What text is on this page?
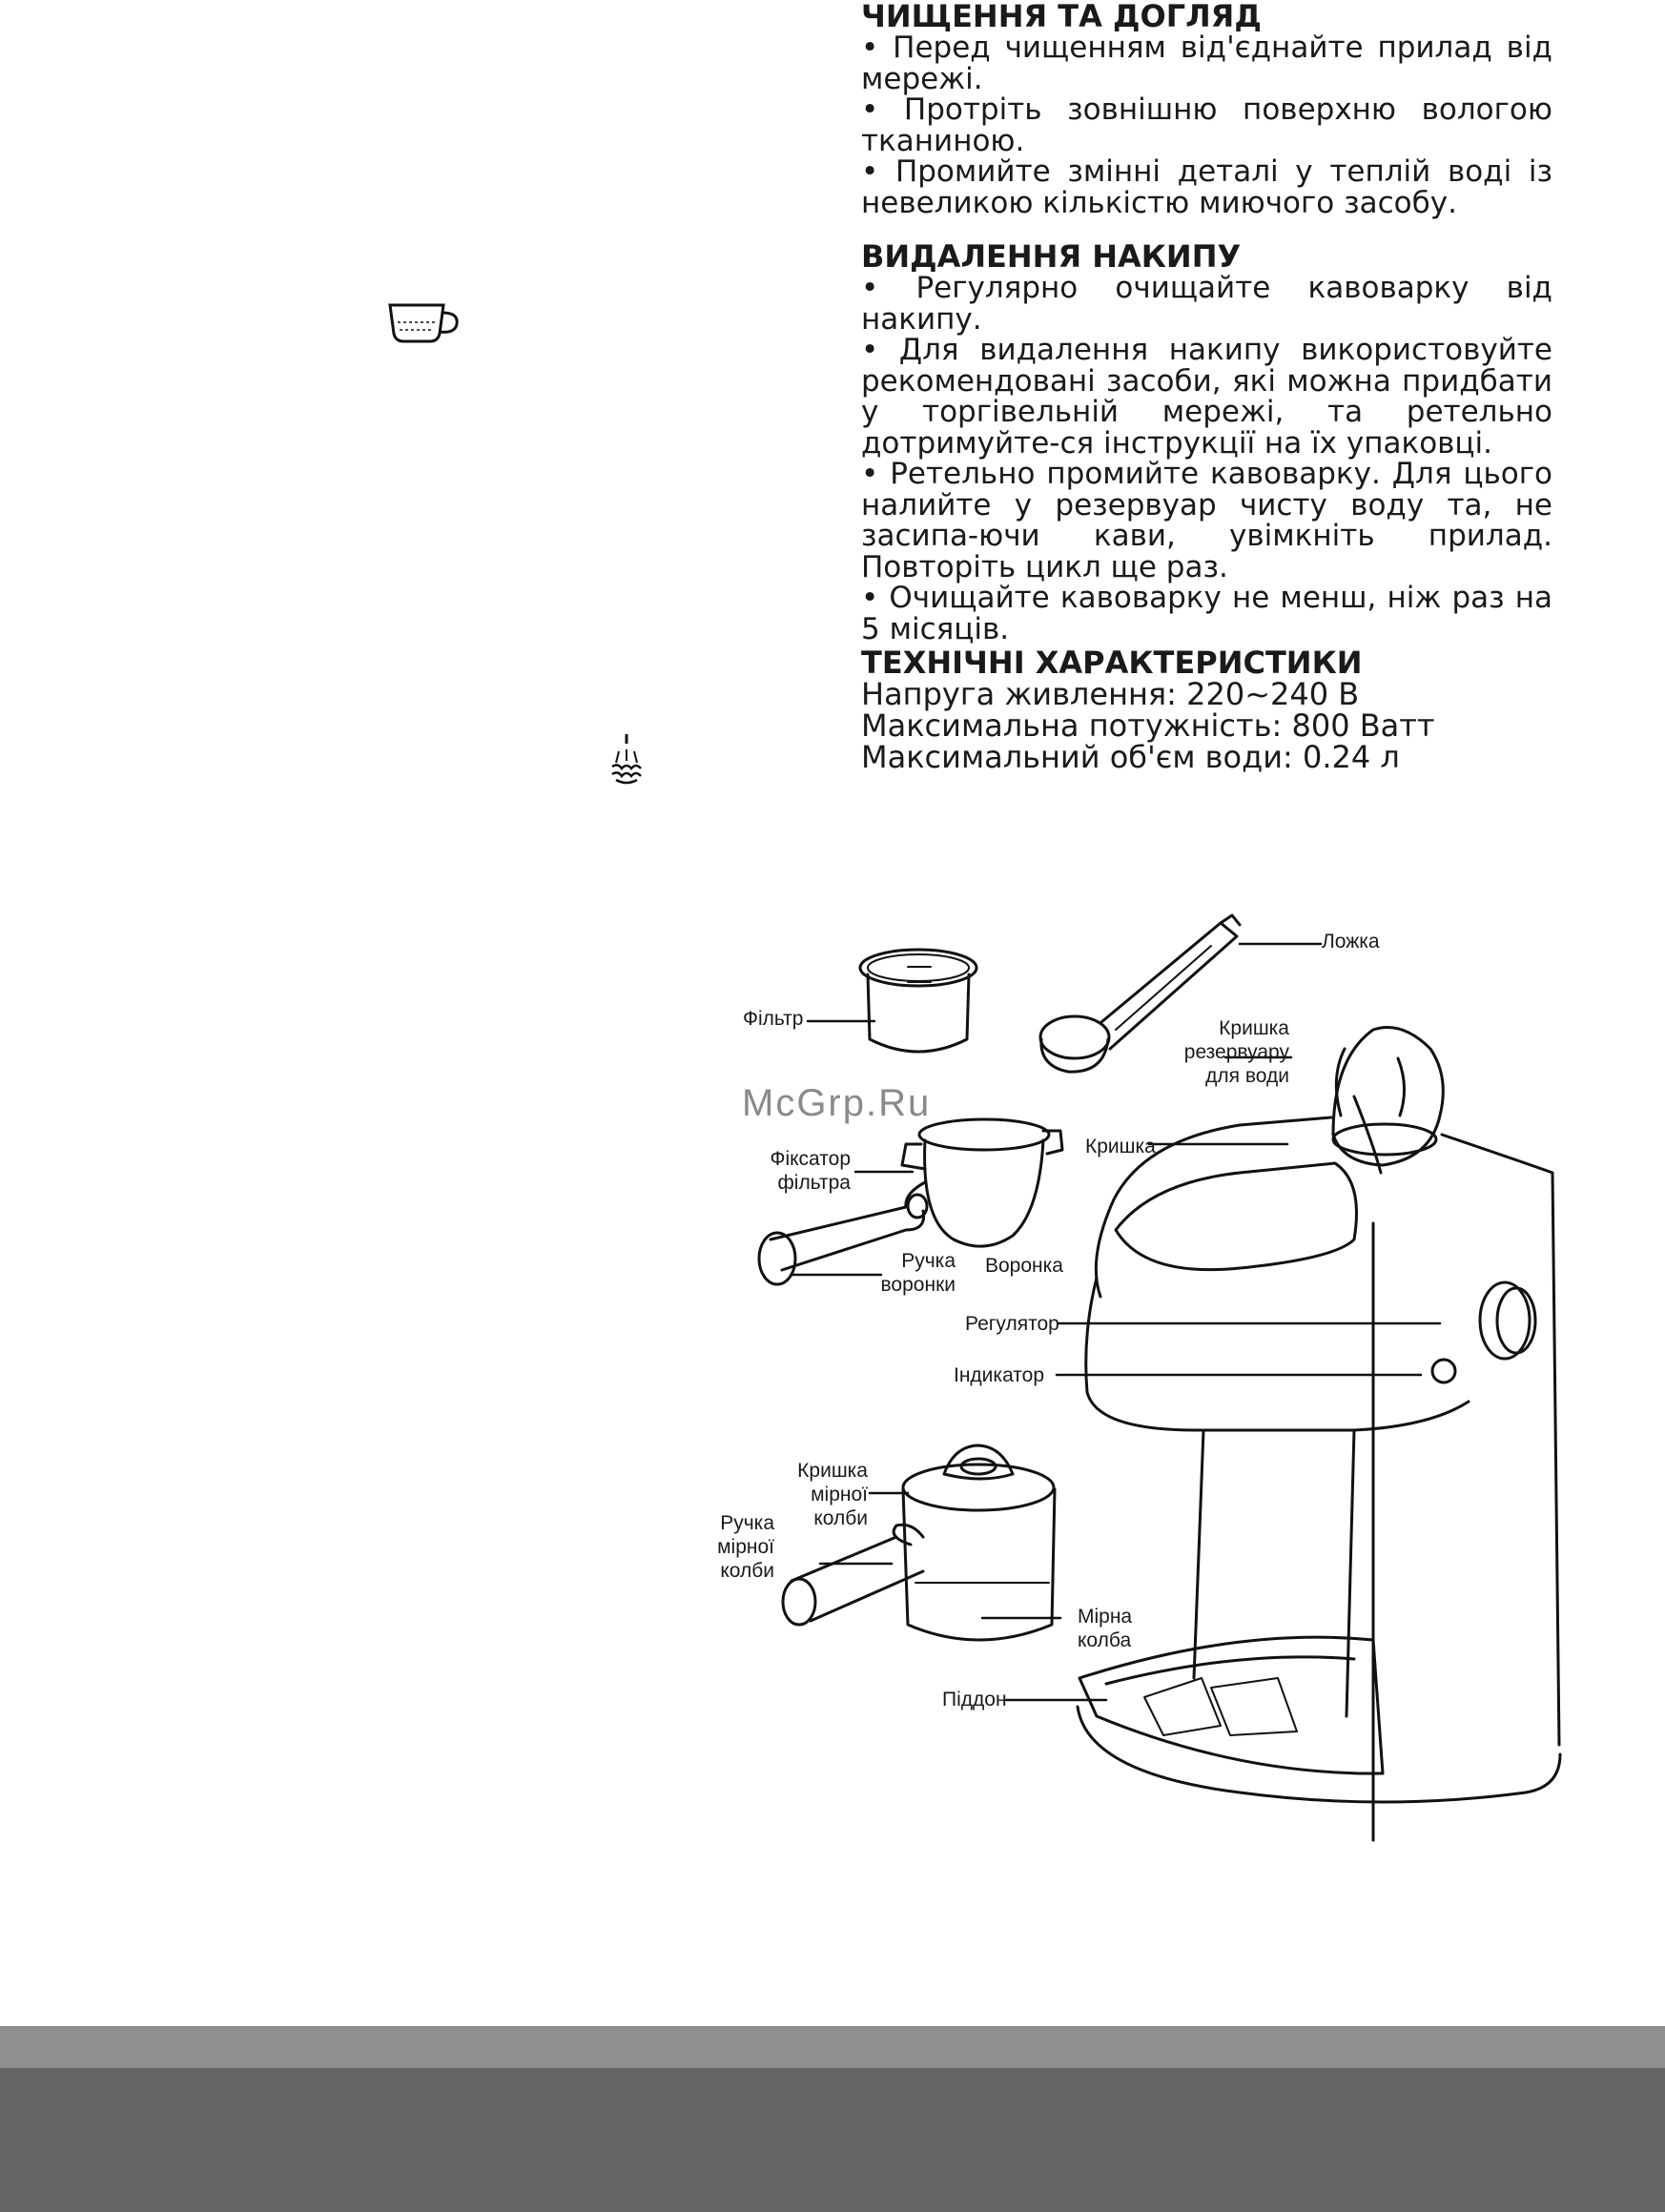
ЧИЩЕННЯ ТА ДОГЛЯД

• Перед чищенням від'єднайте прилад від мережі.

• Протріть зовнішню поверхню вологою тканиною.

• Промийте змінні деталі у теплій воді із невеликою кількістю миючого засобу.

ВИДАЛЕННЯ НАКИПУ

• Регулярно очищайте кавоварку від накипу.

• Для видалення накипу використовуйте рекомендовані засоби, які можна придбати у торгівельній мережі, та ретельно дотримуйте-ся інструкції на їх упаковці.

• Ретельно промийте кавоварку. Для цього налийте у резервуар чисту воду та, не засипа-ючи кави, увімкніть прилад. Повторіть цикл ще раз.

• Очищайте кавоварку не менш, ніж раз на 5 місяців.

ТЕХНІЧНІ ХАРАКТЕРИСТИКИ

Напруга живлення: 220~240 В

Максимальна потужність: 800 Ватт

Максимальний об'єм води: 0.24 л

Ложка
Фільтр	Кришка
резервуару
для води
Кришка
Фіксатор
фільтра
Ручка
воронки
Воронка
Регулятор
Індикатор
Кришка
мірної
колби
Ручка
мірної
колби
Мірна
колба
Піддон
McGrp.Ru
